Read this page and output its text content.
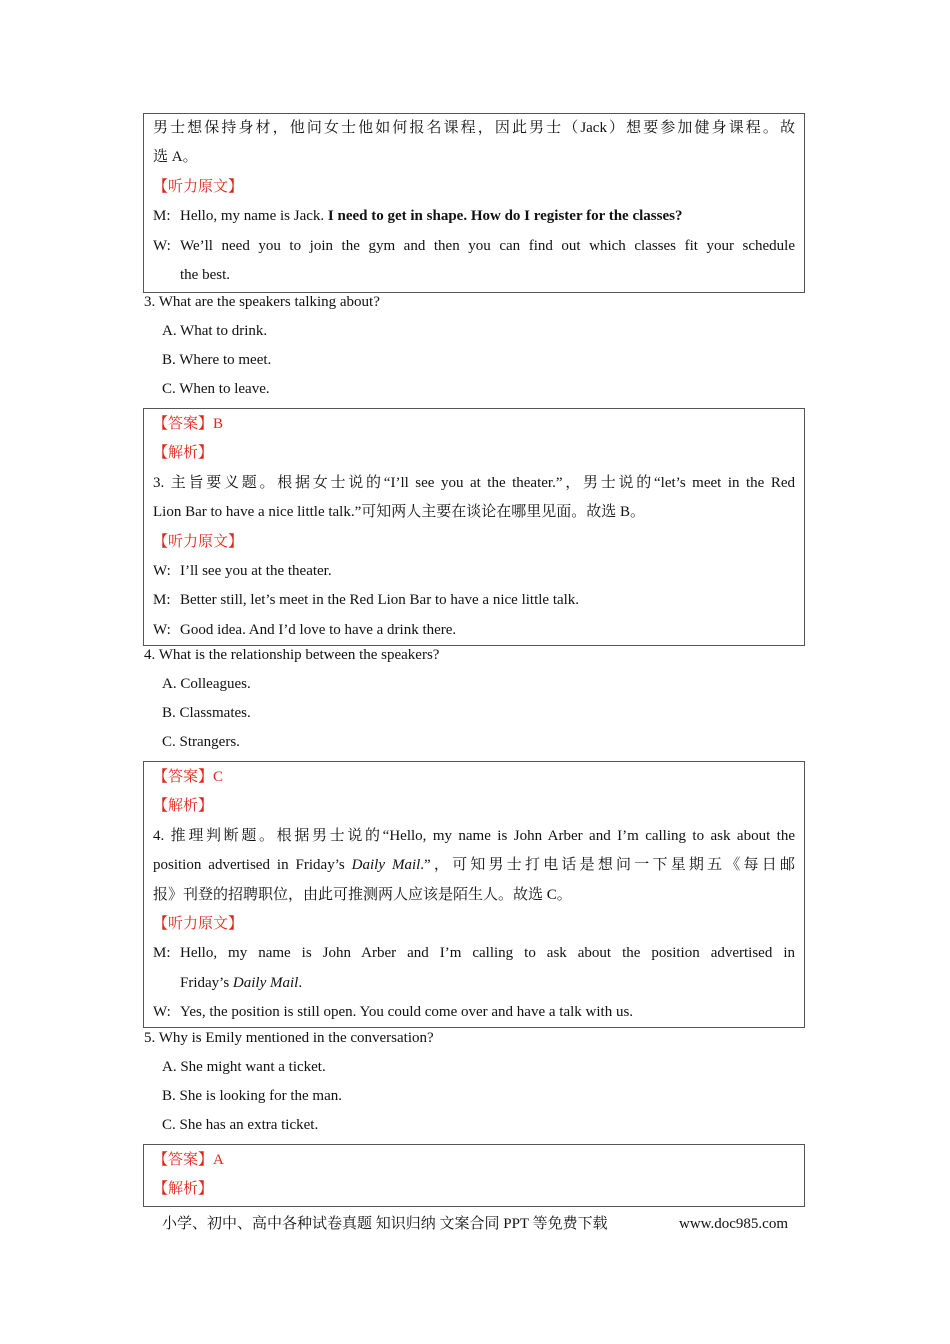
男士想保持身材，他问女士他如何报名课程，因此男士（Jack）想要参加健身课程。故
选 A。
【听力原文】
M: Hello, my name is Jack. I need to get in shape. How do I register for the classes?
W: We’ll need you to join the gym and then you can find out which classes fit your schedule
the best.
3. What are the speakers talking about?
A. What to drink.
B. Where to meet.
C. When to leave.
【答案】B
【解析】
3. 主旨要义题。根据女士说的“I’ll see you at the theater.”，男士说的“let’s meet in the Red
Lion Bar to have a nice little talk.”可知两人主要在谈论在哪里见面。故选 B。
【听力原文】
W: I’ll see you at the theater.
M: Better still, let’s meet in the Red Lion Bar to have a nice little talk.
W: Good idea. And I’d love to have a drink there.
4. What is the relationship between the speakers?
A. Colleagues.
B. Classmates.
C. Strangers.
【答案】C
【解析】
4. 推理判断题。根据男士说的“Hello, my name is John Arber and I’m calling to ask about the
position advertised in Friday’s Daily Mail.”，可知男士打电话是想问一下星期五《每日邮
报》刊登的招聘职位，由此可推测两人应该是陌生人。故选 C。
【听力原文】
M: Hello, my name is John Arber and I’m calling to ask about the position advertised in
Friday’s Daily Mail.
W: Yes, the position is still open. You could come over and have a talk with us.
5. Why is Emily mentioned in the conversation?
A. She might want a ticket.
B. She is looking for the man.
C. She has an extra ticket.
【答案】A
【解析】
小学、初中、高中各种试卷真题 知识归纳 文案合同 PPT 等免费下载	www.doc985.com
